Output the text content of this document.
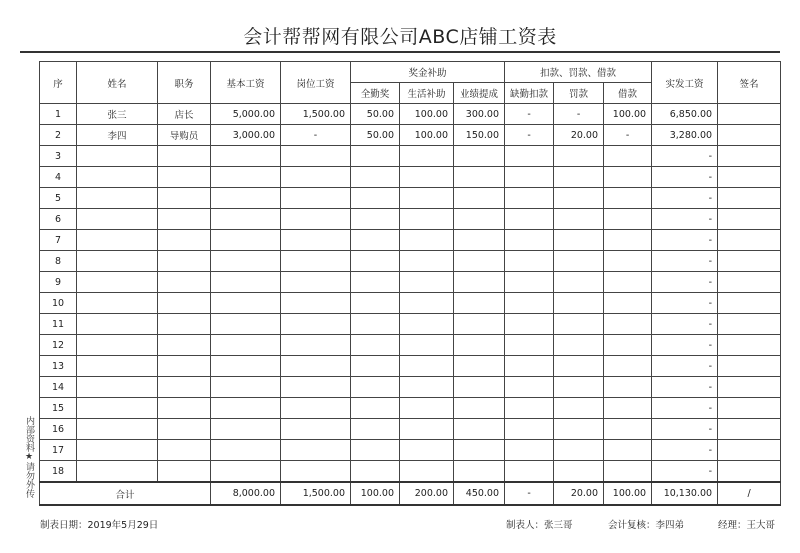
会计帮帮网有限公司ABC店铺工资表
序	姓名	职务	基本工资	岗位工资	奖金补助			扣款、罚款、借款			实发工资	签名
					全勤奖	生活补助	业绩提成	缺勤扣款	罚款	借款		
1	张三	店长	5,000.00	1,500.00	50.00	100.00	300.00	-	-	100.00	6,850.00	
2	李四	导购员	3,000.00	-	50.00	100.00	150.00	-	20.00	-	3,280.00	
3											-	
4											-	
5											-	
6											-	
7											-	
8											-	
9											-	
10											-	
11											-	
12											-	
13											-	
14											-	
15											-	
16											-	
17											-	
18											-	
合计			8,000.00	1,500.00	100.00	200.00	450.00	-	20.00	100.00	10,130.00	/
内部资料★请勿外传
制表日期：2019年5月29日	制表人：张三哥	会计复核：李四弟	经理：王大哥
